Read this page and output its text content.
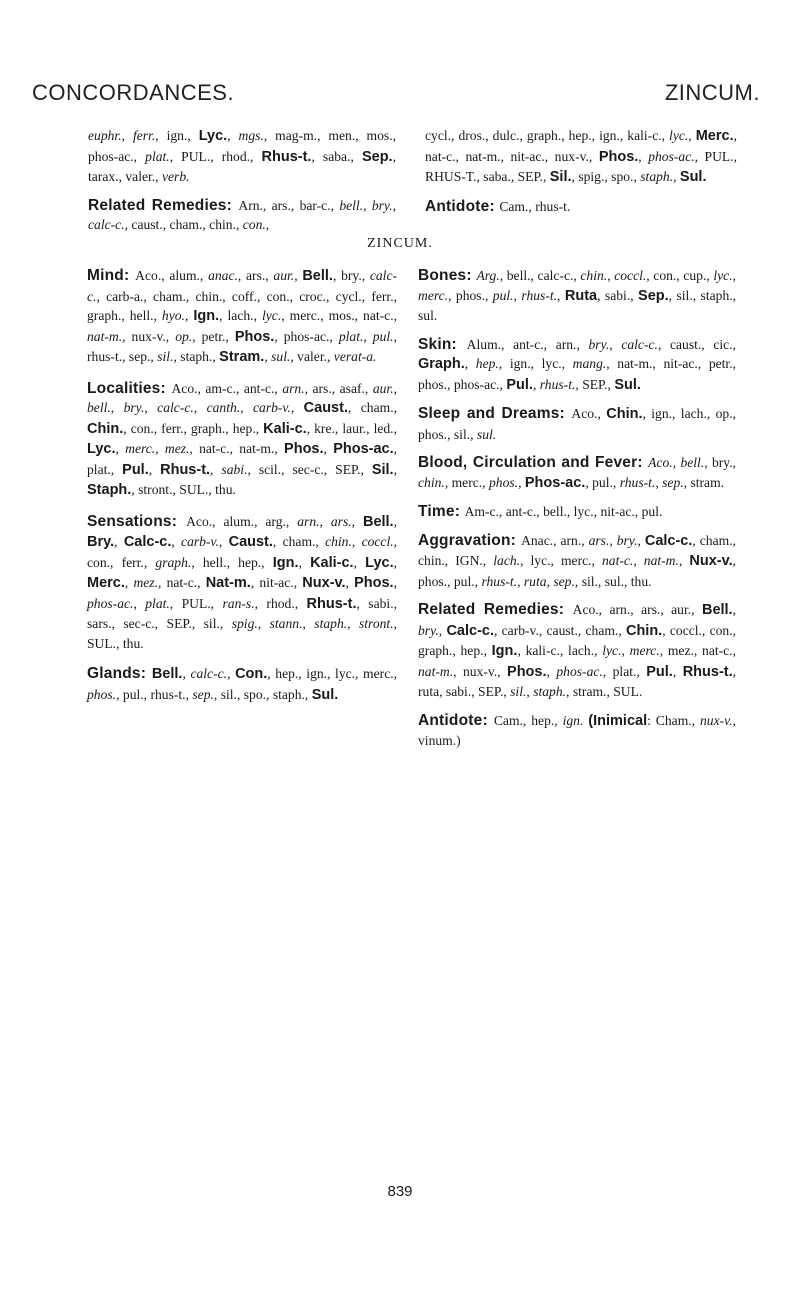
CONCORDANCES.	ZINCUM.
euphr., ferr., ign., Lyc., mgs., mag-m., men., mos., phos-ac., plat., PUL., rhod., Rhus-t., saba., Sep., tarax., valer., verb.
Related Remedies: Arn., ars., bar-c., bell., bry., calc-c., caust., cham., chin., con.,
cycl., dros., dulc., graph., hep., ign., kali-c., lyc., Merc., nat-c., nat-m., nit-ac., nux-v., Phos., phos-ac., PUL., RHUS-T., saba., SEP., Sil., spig., spo., staph., Sul.
Antidote: Cam., rhus-t.
ZINCUM.
Mind: Aco., alum., anac., ars., aur., Bell., bry., calc-c., carb-a., cham., chin., coff., con., croc., cycl., ferr., graph., hell., hyo., Ign., lach., lyc., merc., mos., nat-c., nat-m., nux-v., op., petr., Phos., phos-ac., plat., pul., rhus-t., sep., sil., staph., Stram., sul., valer., verat-a.
Localities: Aco., am-c., ant-c., arn., ars., asaf., aur., bell., bry., calc-c., canth., carb-v., Caust., cham., Chin., con., ferr., graph., hep., Kali-c., kre., laur., led., Lyc., merc., mez., nat-c., nat-m., Phos., Phos-ac., plat., Pul., Rhus-t., sabi., scil., sec-c., SEP., Sil., Staph., stront., SUL., thu.
Sensations: Aco., alum., arg., arn., ars., Bell., Bry., Calc-c., carb-v., Caust., cham., chin., coccl., con., ferr., graph., hell., hep., Ign., Kali-c., Lyc., Merc., mez., nat-c., Nat-m., nit-ac., Nux-v., Phos., phos-ac., plat., PUL., ran-s., rhod., Rhus-t., sabi., sars., sec-c., SEP., sil., spig., stann., staph., stront., SUL., thu.
Glands: Bell., calc-c., Con., hep., ign., lyc., merc., phos., pul., rhus-t., sep., sil., spo., staph., Sul.
Bones: Arg., bell., calc-c., chin., coccl., con., cup., lyc., merc., phos., pul., rhus-t., Ruta, sabi., Sep., sil., staph., sul.
Skin: Alum., ant-c., arn., bry., calc-c., caust., cic., Graph., hep., ign., lyc., mang., nat-m., nit-ac., petr., phos., phos-ac., Pul., rhus-t., SEP., Sul.
Sleep and Dreams: Aco., Chin., ign., lach., op., phos., sil., sul.
Blood, Circulation and Fever: Aco., bell., bry., chin., merc., phos., Phos-ac., pul., rhus-t., sep., stram.
Time: Am-c., ant-c., bell., lyc., nit-ac., pul.
Aggravation: Anac., arn., ars., bry., Calc-c., cham., chin., IGN., lach., lyc., merc., nat-c., nat-m., Nux-v., phos., pul., rhus-t., ruta, sep., sil., sul., thu.
Related Remedies: Aco., arn., ars., aur., Bell., bry., Calc-c., carb-v., caust., cham., Chin., coccl., con., graph., hep., Ign., kali-c., lach., lyc., merc., mez., nat-c., nat-m., nux-v., Phos., phos-ac., plat., Pul., Rhus-t., ruta, sabi., SEP., sil., staph., stram., SUL.
Antidote: Cam., hep., ign. (Inimical: Cham., nux-v., vinum.)
839
